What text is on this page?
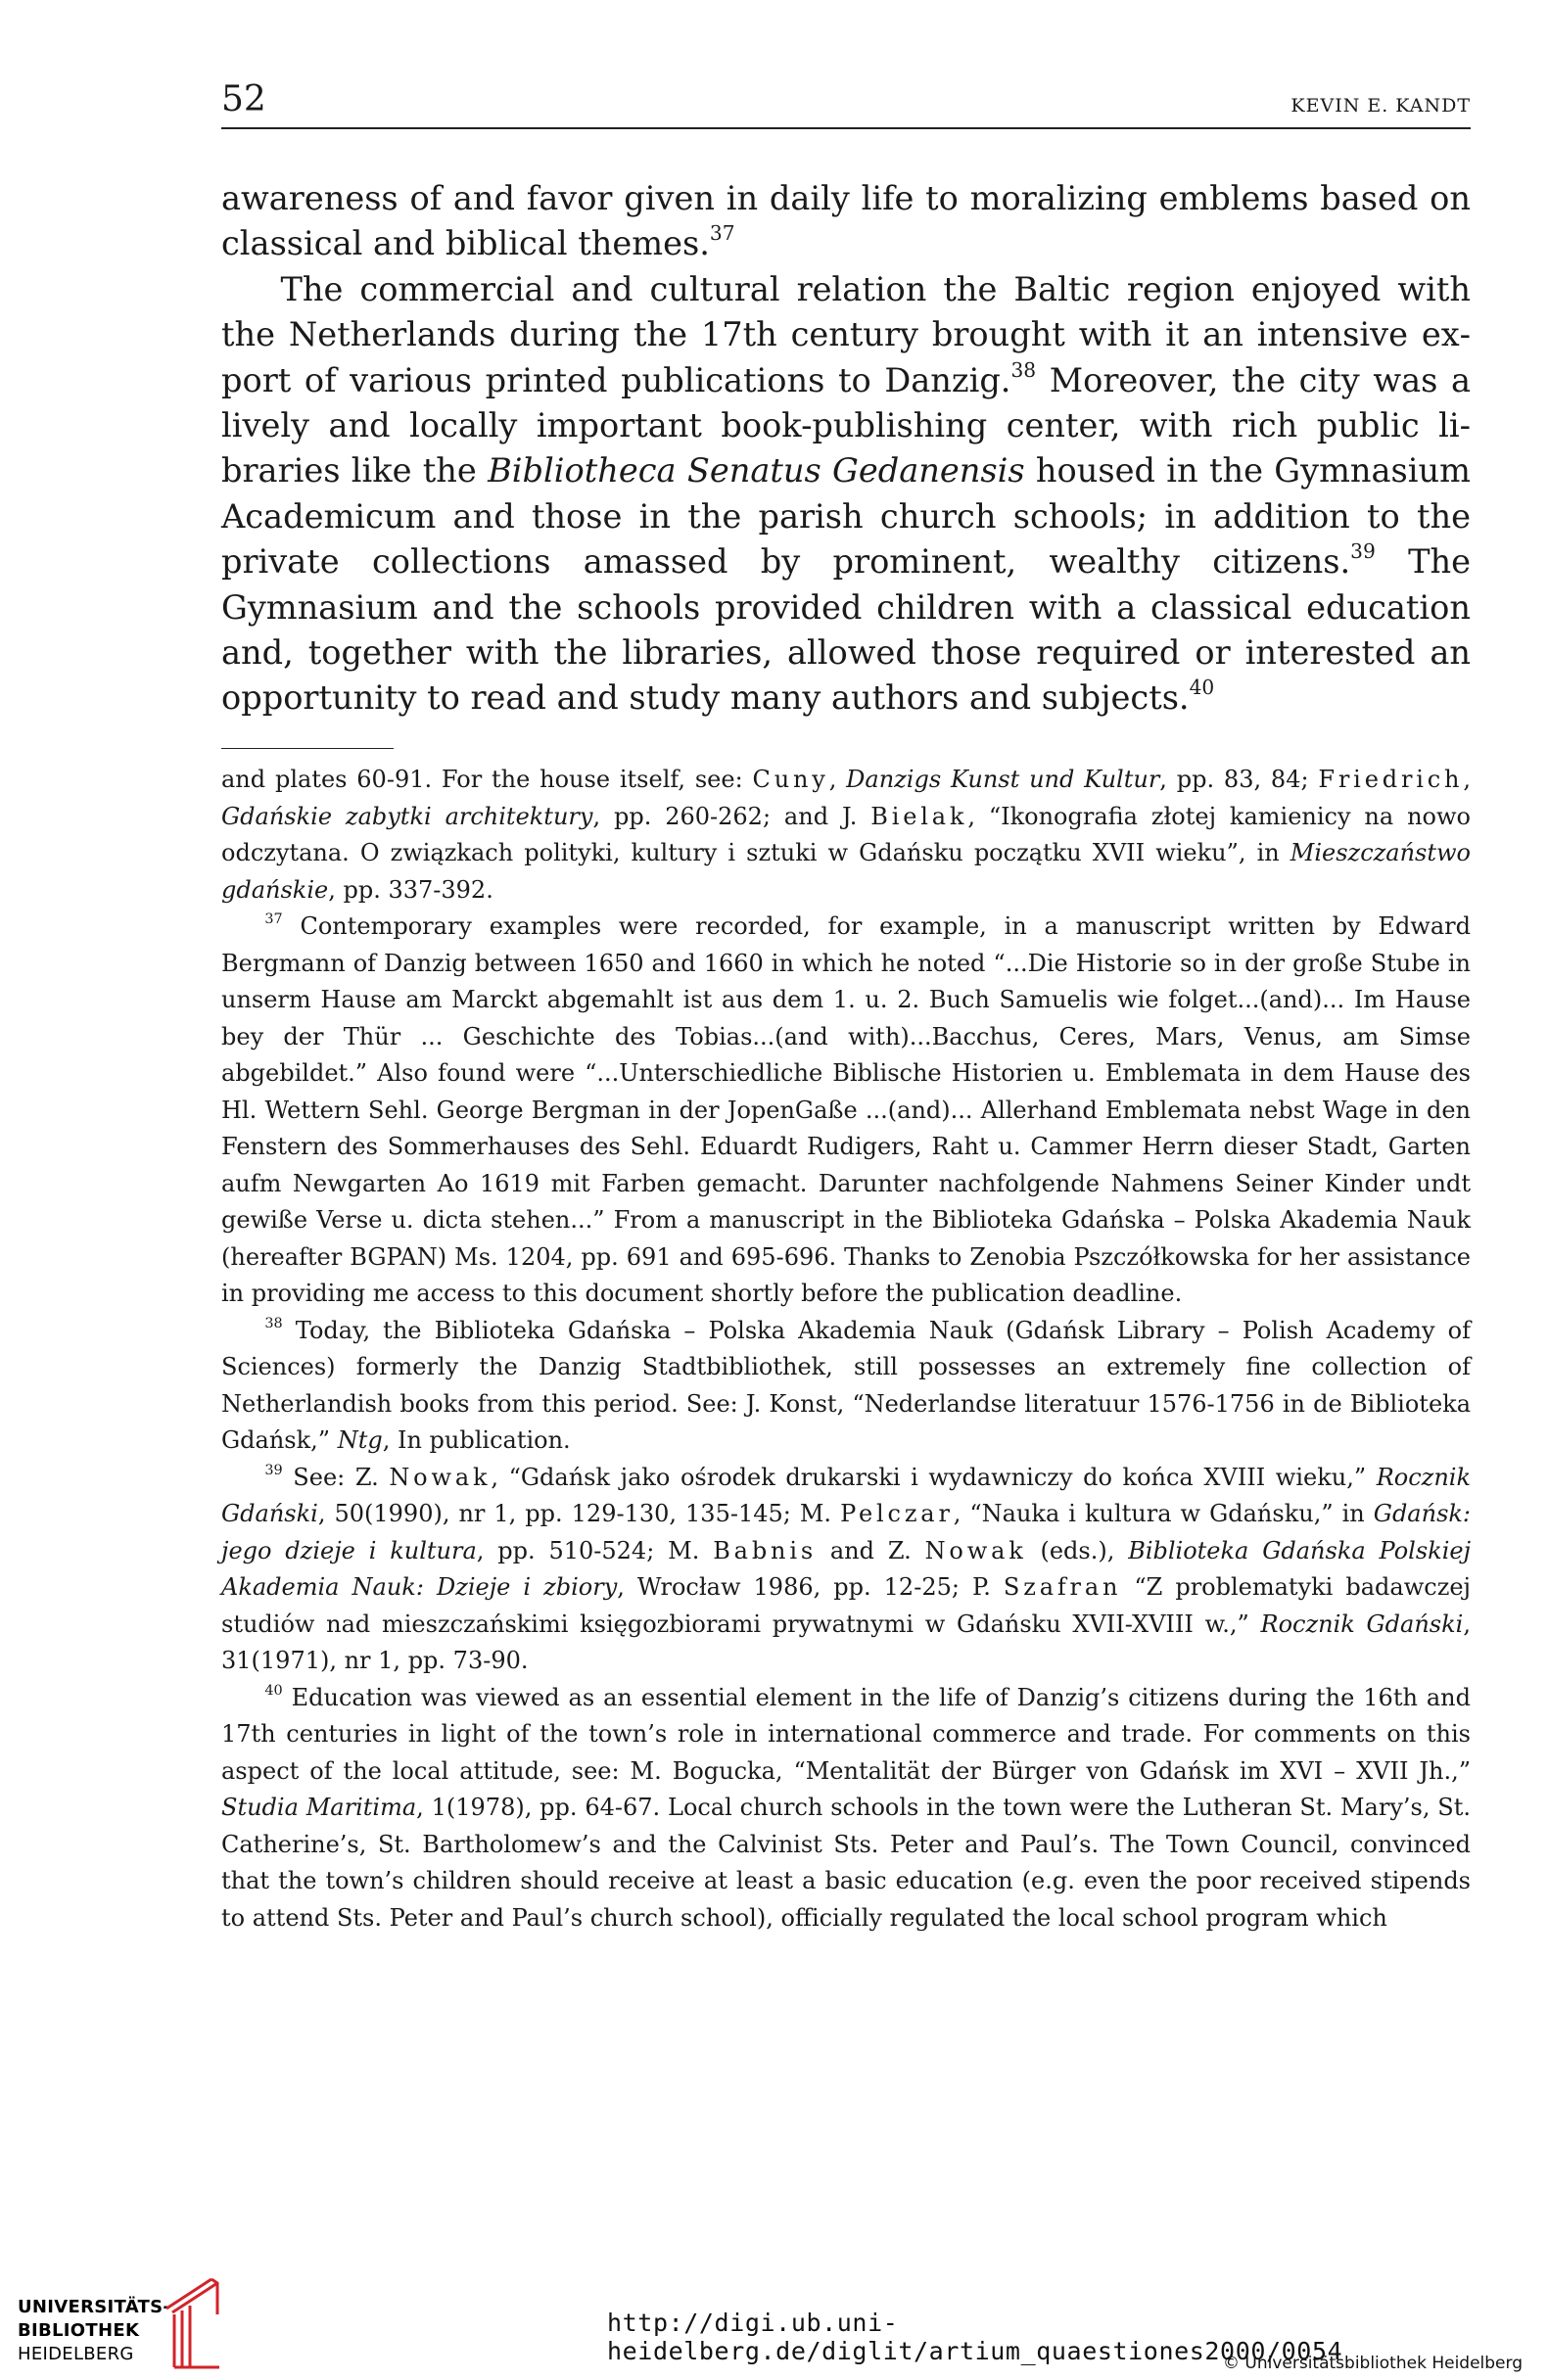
52	KEVIN E. KANDT

awareness of and favor given in daily life to moralizing emblems based on classical and biblical themes.$^{37}$

The commercial and cultural relation the Baltic region enjoyed with the Netherlands during the 17th century brought with it an intensive export of various printed publications to Danzig.$^{38}$ Moreover, the city was a lively and locally important book-publishing center, with rich public libraries like the Bibliotheca Senatus Gedanensis housed in the Gymnasium Academicum and those in the parish church schools; in addition to the private collections amassed by prominent, wealthy citizens.$^{39}$ The Gymnasium and the schools provided children with a classical education and, together with the libraries, allowed those required or interested an opportunity to read and study many authors and subjects.$^{40}$

and plates 60-91. For the house itself, see: Cuny, Danzigs Kunst und Kultur, pp. 83, 84; Friedrich, Gdańskie zabytki architektury, pp. 260-262; and J. Bielak, “Ikonografia złotej kamienicy na nowo odczytana. O związkach polityki, kultury i sztuki w Gdańsku początku XVII wieku”, in Mieszczaństwo gdańskie, pp. 337-392.

$^{37}$ Contemporary examples were recorded, for example, in a manuscript written by Edward Bergmann of Danzig between 1650 and 1660 in which he noted “...Die Historie so in der große Stube in unserm Hause am Marckt abgemahlt ist aus dem 1. u. 2. Buch Samuelis wie folget...(and)... Im Hause bey der Thür ... Geschichte des Tobias...(and with)...Bacchus, Ceres, Mars, Venus, am Simse abgebildet.” Also found were “...Unterschiedliche Biblische Historien u. Emblemata in dem Hause des Hl. Wettern Sehl. George Bergman in der JopenGaße ...(and)... Allerhand Emblemata nebst Wage in den Fenstern des Sommerhauses des Sehl. Eduardt Rudigers, Raht u. Cammer Herrn dieser Stadt, Garten aufm Newgarten Ao 1619 mit Farben gemacht. Darunter nachfolgende Nahmens Seiner Kinder undt gewiße Verse u. dicta stehen...” From a manuscript in the Biblioteka Gdańska – Polska Akademia Nauk (hereafter BGPAN) Ms. 1204, pp. 691 and 695-696. Thanks to Zenobia Pszczółkowska for her assistance in providing me access to this document shortly before the publication deadline.

$^{38}$ Today, the Biblioteka Gdańska – Polska Akademia Nauk (Gdańsk Library – Polish Academy of Sciences) formerly the Danzig Stadtbibliothek, still possesses an extremely fine collection of Netherlandish books from this period. See: J. Konst, “Nederlandse literatuur 1576-1756 in de Biblioteka Gdańsk,” Ntg, In publication.

$^{39}$ See: Z. Nowak, “Gdańsk jako ośrodek drukarski i wydawniczy do końca XVIII wieku,” Rocznik Gdański, 50(1990), nr 1, pp. 129-130, 135-145; M. Pelczar, “Nauka i kultura w Gdańsku,” in Gdańsk: jego dzieje i kultura, pp. 510-524; M. Babnis and Z. Nowak (eds.), Biblioteka Gdańska Polskiej Akademia Nauk: Dzieje i zbiory, Wrocław 1986, pp. 12-25; P. Szafran “Z problematyki badawczej studiów nad mieszczańskimi księgozbiorami prywatnymi w Gdańsku XVII-XVIII w.,” Rocznik Gdański, 31(1971), nr 1, pp. 73-90.

$^{40}$ Education was viewed as an essential element in the life of Danzig’s citizens during the 16th and 17th centuries in light of the town’s role in international commerce and trade. For comments on this aspect of the local attitude, see: M. Bogucka, “Mentalität der Bürger von Gdańsk im XVI – XVII Jh.,” Studia Maritima, 1(1978), pp. 64-67. Local church schools in the town were the Lutheran St. Mary’s, St. Catherine’s, St. Bartholomew’s and the Calvinist Sts. Peter and Paul’s. The Town Council, convinced that the town’s children should receive at least a basic education (e.g. even the poor received stipends to attend Sts. Peter and Paul’s church school), officially regulated the local school program which

UNIVERSITÄTS-
BIBLIOTHEK
HEIDELBERG
http://digi.ub.uni-heidelberg.de/diglit/artium_quaestiones2000/0054
© Universitätsbibliothek Heidelberg
